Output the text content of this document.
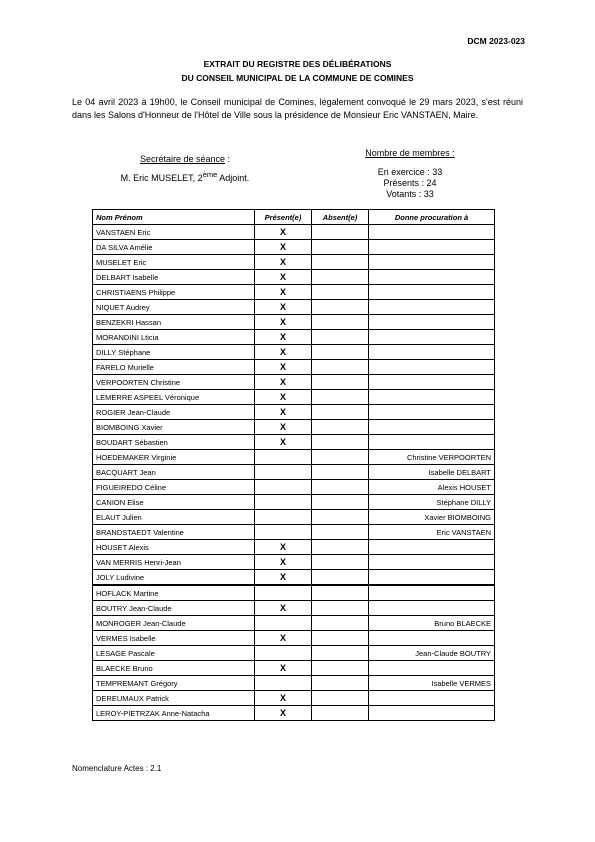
DCM 2023-023
EXTRAIT DU REGISTRE DES DÉLIBÉRATIONS
DU CONSEIL MUNICIPAL DE LA COMMUNE DE COMINES
Le 04 avril 2023 à 19h00, le Conseil municipal de Comines, légalement convoqué le 29 mars 2023, s'est réuni dans les Salons d'Honneur de l'Hôtel de Ville sous la présidence de Monsieur Eric VANSTAEN, Maire.
Secrétaire de séance :
M. Eric MUSELET, 2ème Adjoint.
Nombre de membres :
En exercice : 33
Présents : 24
Votants : 33
Nom Prénom	Présent(e)	Absent(e)	Donne procuration à
VANSTAEN Eric	X		
DA SILVA Amélie	X		
MUSELET Eric	X		
DELBART Isabelle	X		
CHRISTIAENS Philippe	X		
NIQUET Audrey	X		
BENZEKRI Hassan	X		
MORANDINI Lticia	X		
DILLY Stéphane	X		
FARELO Murielle	X		
VERPOORTEN Christine	X		
LEMERRE ASPEEL Véronique	X		
ROGIER Jean-Claude	X		
BIOMBOING Xavier	X		
BOUDART Sébastien	X		
HOEDEMAKER Virginie			Christine VERPOORTEN
BACQUART Jean			Isabelle DELBART
FIGUEIREDO Céline			Alexis HOUSET
CANION Elise			Stéphane DILLY
ELAUT Julien			Xavier BIOMBOING
BRANDSTAEDT Valentine			Eric VANSTAEN
HOUSET Alexis	X		
VAN MERRIS Henri-Jean	X		
JOLY Ludivine	X		
HOFLACK Martine			
BOUTRY Jean-Claude	X		
MONROGER Jean-Claude			Bruno BLAECKE
VERMES Isabelle	X		
LESAGE Pascale			Jean-Claude BOUTRY
BLAECKE Bruno	X		
TEMPREMANT Grégory			Isabelle VERMES
DEREUMAUX Patrick	X		
LEROY-PIETRZAK Anne-Natacha	X		
Nomenclature Actes : 2.1
